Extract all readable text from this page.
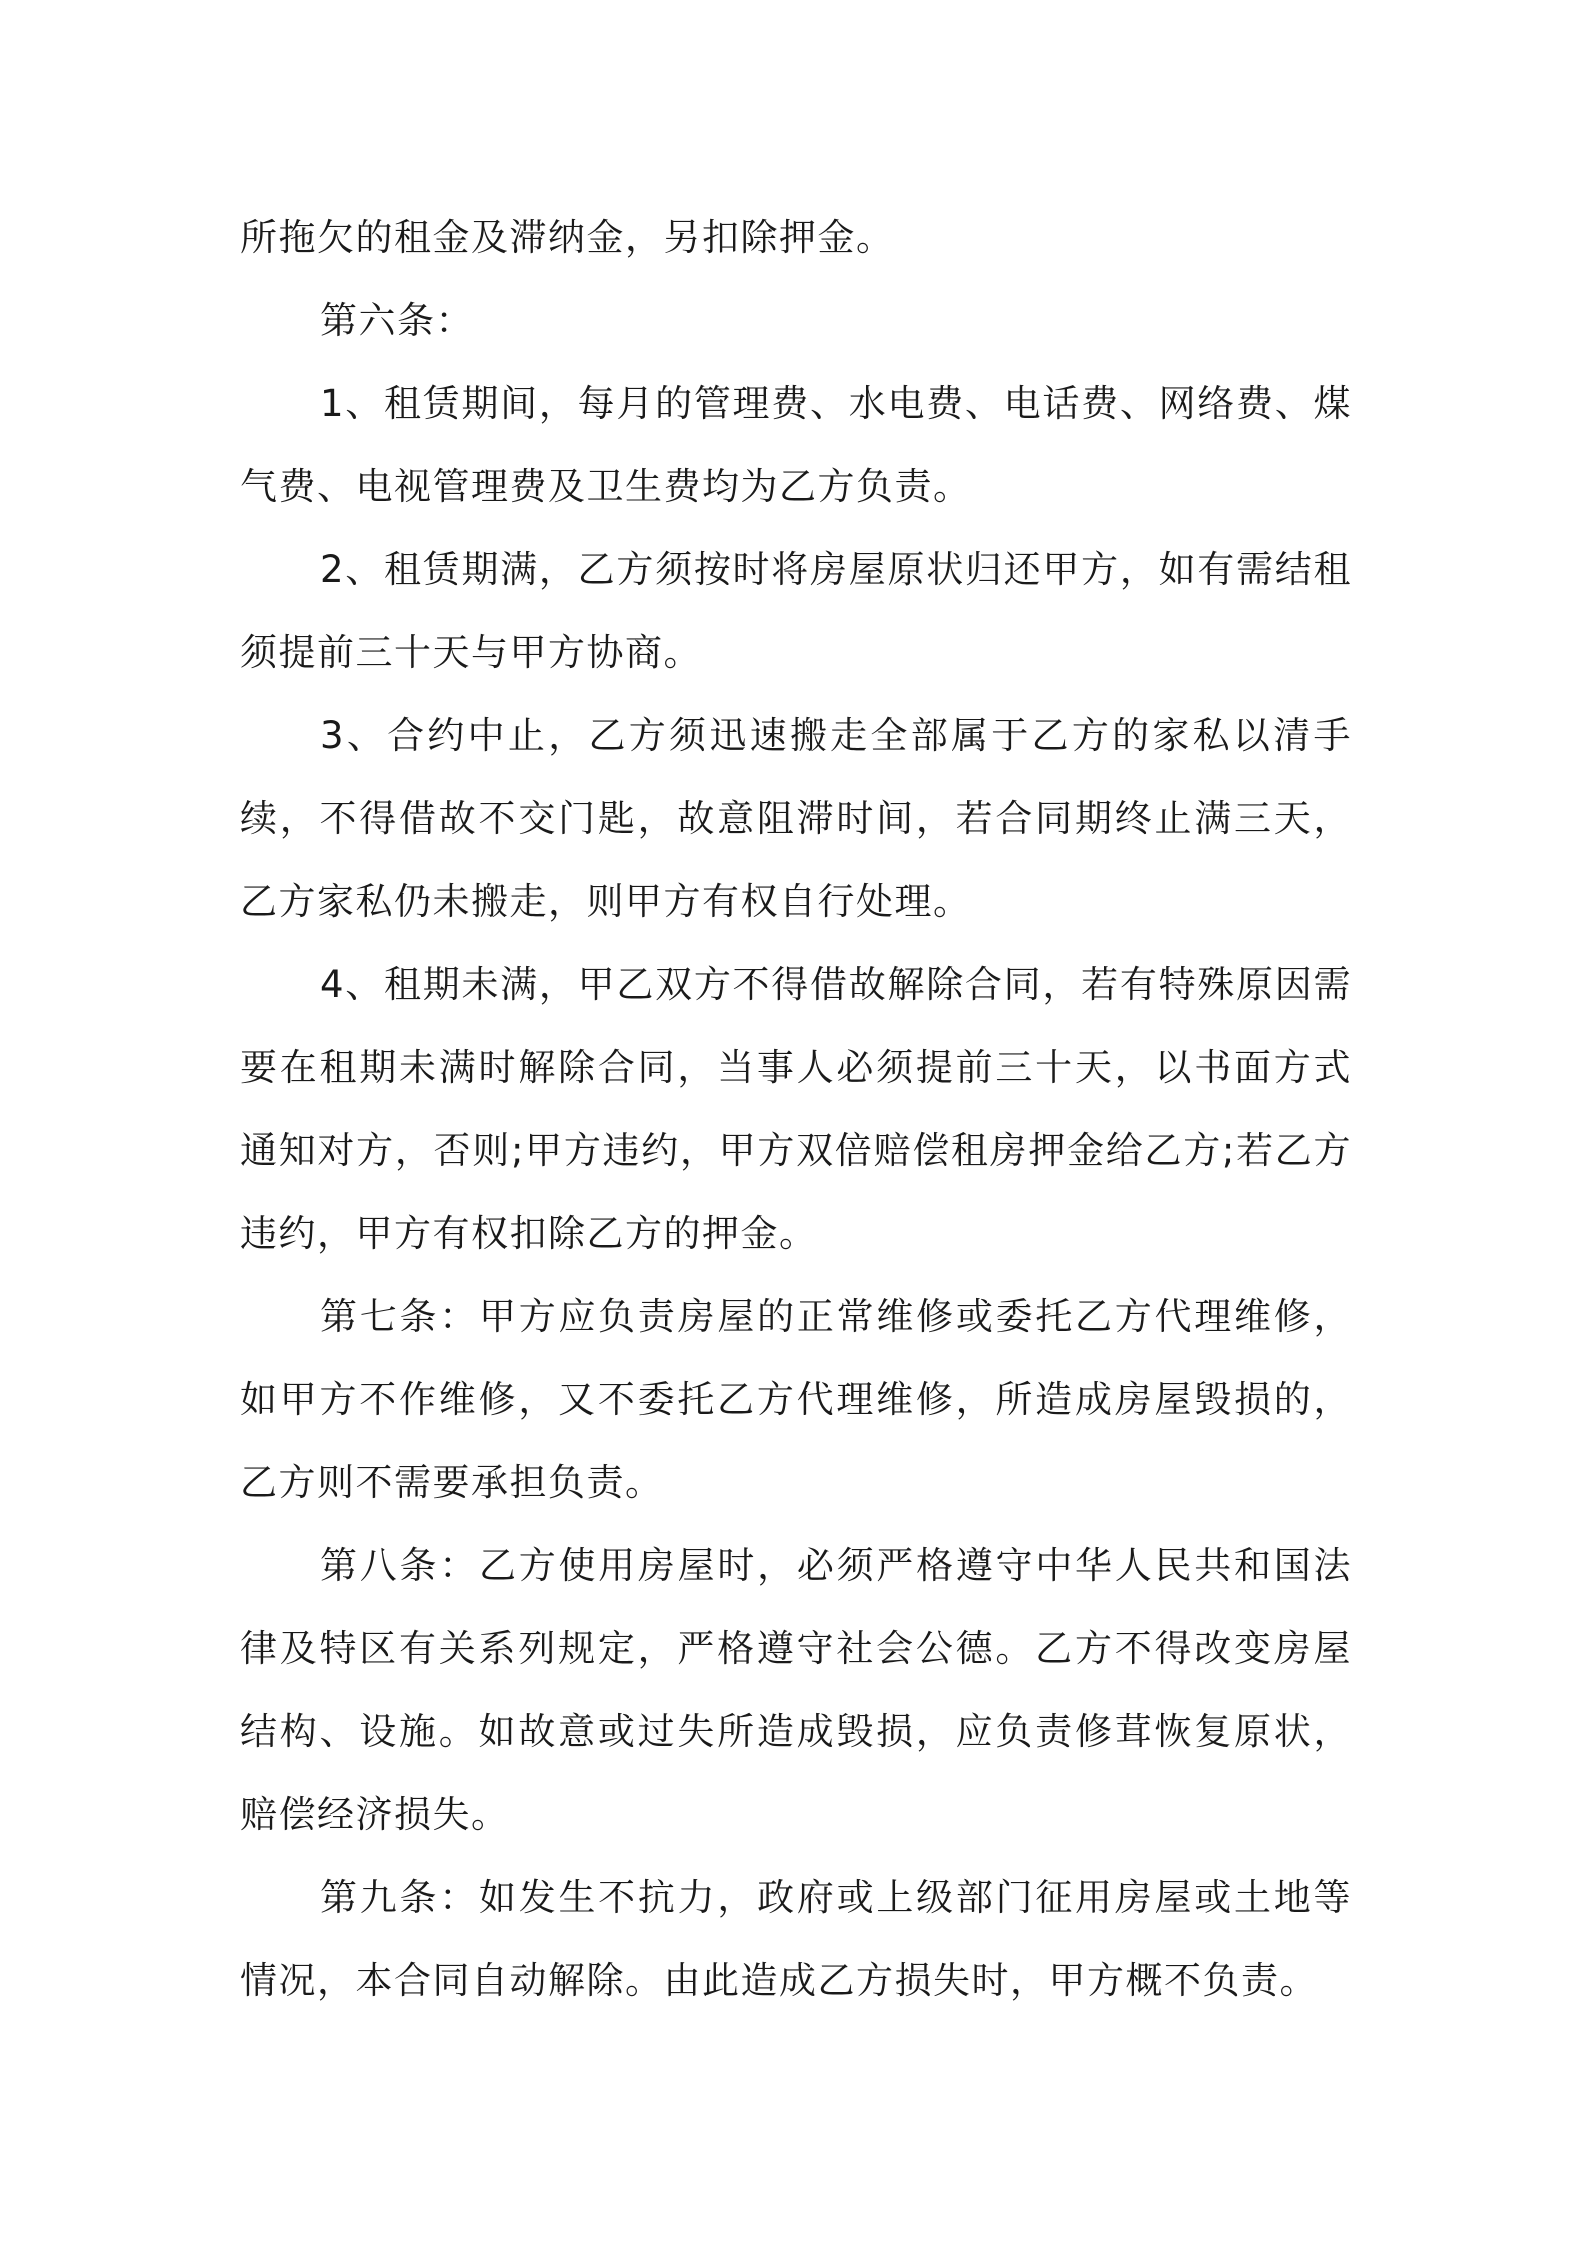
所拖欠的租金及滞纳金，另扣除押金。

第六条：

1、租赁期间，每月的管理费、水电费、电话费、网络费、煤气费、电视管理费及卫生费均为乙方负责。

2、租赁期满，乙方须按时将房屋原状归还甲方，如有需结租须提前三十天与甲方协商。

3、合约中止，乙方须迅速搬走全部属于乙方的家私以清手续，不得借故不交门匙，故意阻滞时间，若合同期终止满三天，乙方家私仍未搬走，则甲方有权自行处理。

4、租期未满，甲乙双方不得借故解除合同，若有特殊原因需要在租期未满时解除合同，当事人必须提前三十天，以书面方式通知对方，否则;甲方违约，甲方双倍赔偿租房押金给乙方;若乙方违约，甲方有权扣除乙方的押金。

第七条：甲方应负责房屋的正常维修或委托乙方代理维修，如甲方不作维修，又不委托乙方代理维修，所造成房屋毁损的，乙方则不需要承担负责。

第八条：乙方使用房屋时，必须严格遵守中华人民共和国法律及特区有关系列规定，严格遵守社会公德。乙方不得改变房屋结构、设施。如故意或过失所造成毁损，应负责修茸恢复原状，赔偿经济损失。

第九条：如发生不抗力，政府或上级部门征用房屋或土地等情况，本合同自动解除。由此造成乙方损失时，甲方概不负责。
